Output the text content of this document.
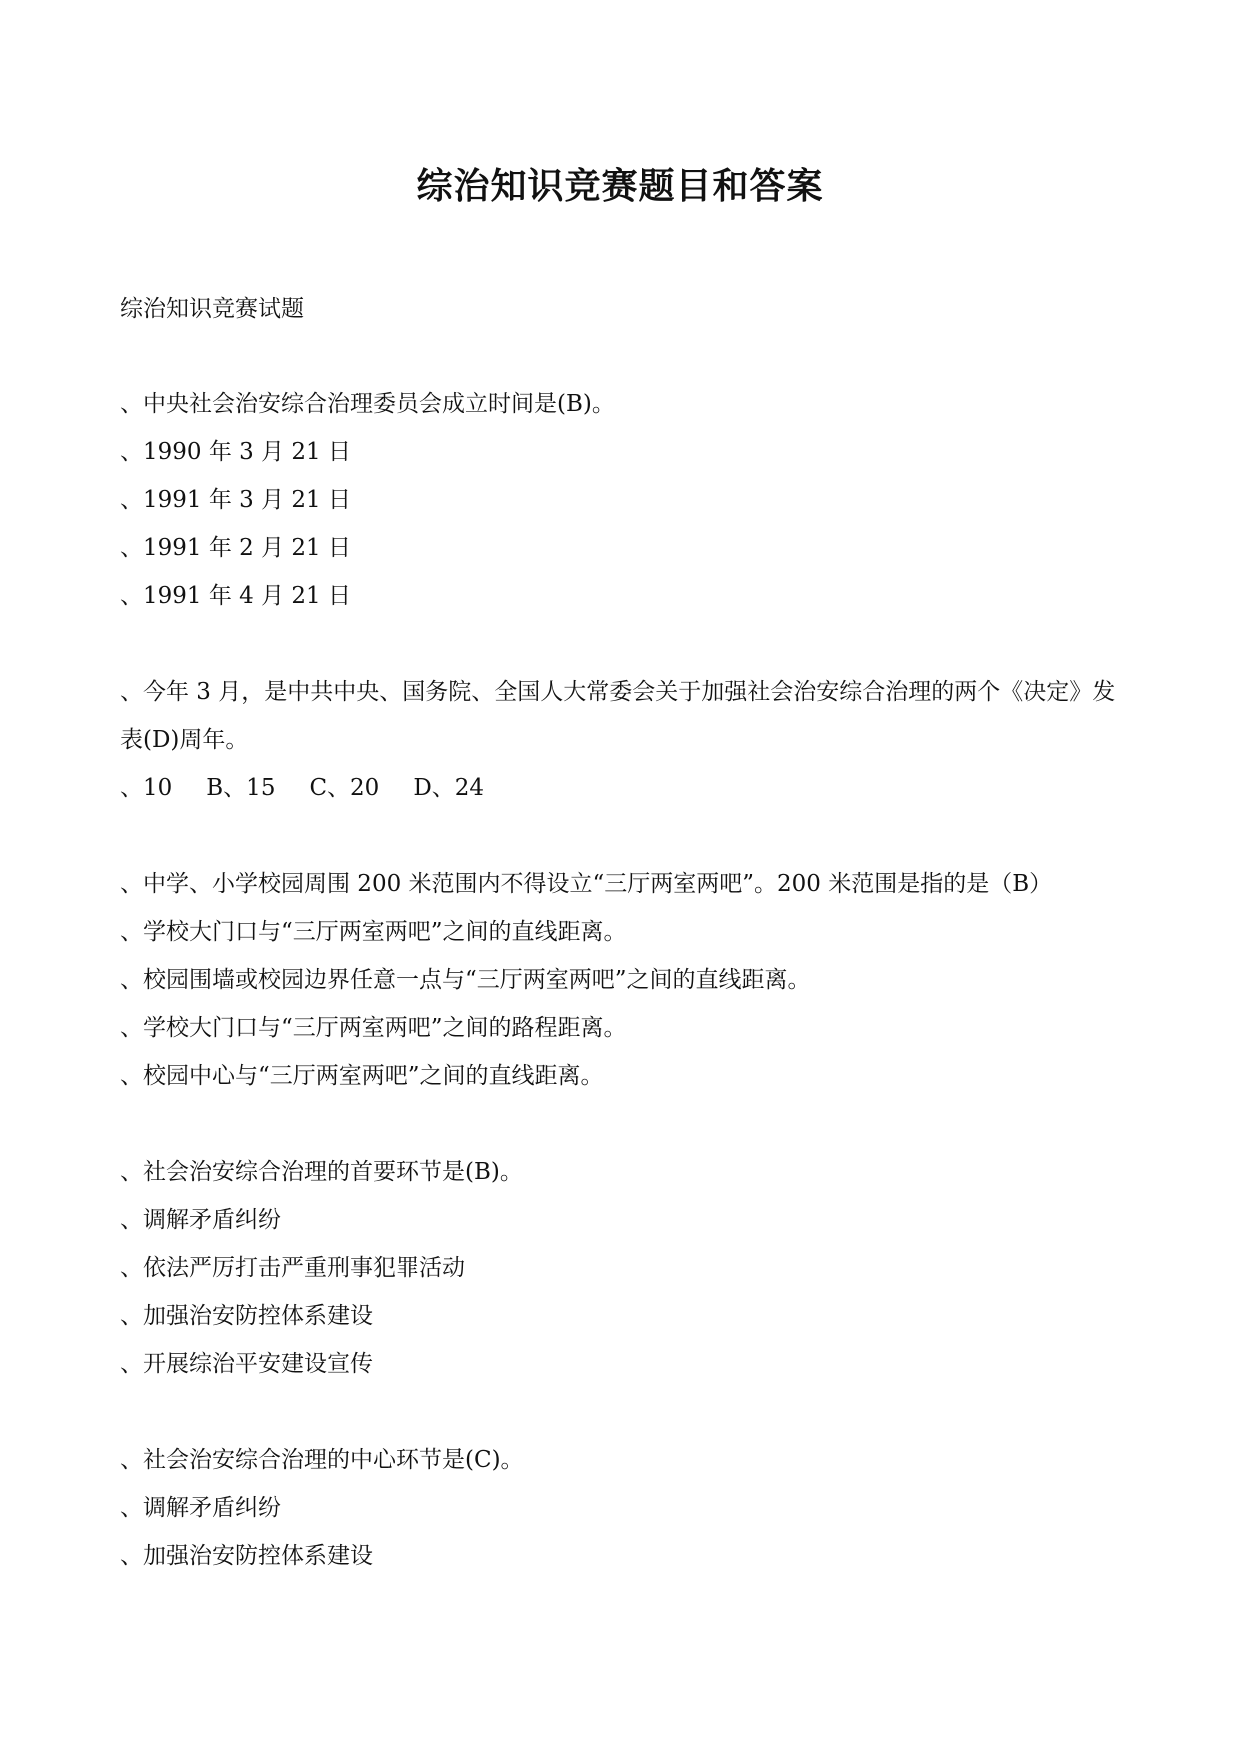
综治知识竞赛题目和答案

综治知识竞赛试题

、中央社会治安综合治理委员会成立时间是(B)。
、1990 年 3 月 21 日
、1991 年 3 月 21 日
、1991 年 2 月 21 日
、1991 年 4 月 21 日
、今年 3 月，是中共中央、国务院、全国人大常委会关于加强社会治安综合治理的两个《决定》发表(D)周年。
、10 B、15 C、20 D、24
、中学、小学校园周围 200 米范围内不得设立“三厅两室两吧”。200 米范围是指的是（B）
、学校大门口与“三厅两室两吧”之间的直线距离。
、校园围墙或校园边界任意一点与“三厅两室两吧”之间的直线距离。
、学校大门口与“三厅两室两吧”之间的路程距离。
、校园中心与“三厅两室两吧”之间的直线距离。
、社会治安综合治理的首要环节是(B)。
、调解矛盾纠纷
、依法严厉打击严重刑事犯罪活动
、加强治安防控体系建设
、开展综治平安建设宣传
、社会治安综合治理的中心环节是(C)。
、调解矛盾纠纷
、加强治安防控体系建设
